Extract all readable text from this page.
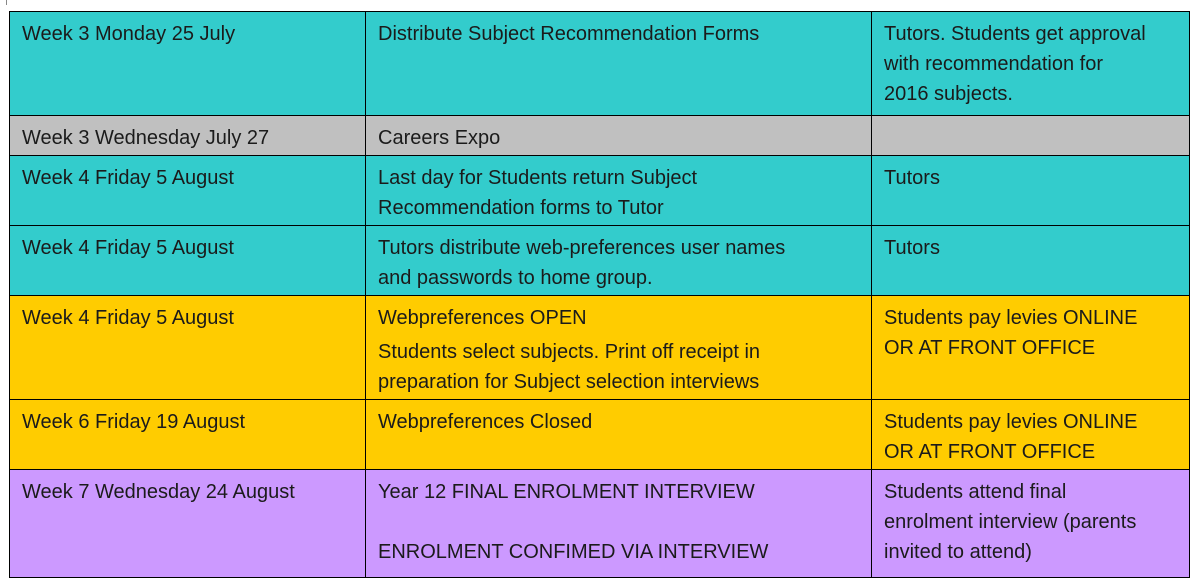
Week 3 Monday 25 July	Distribute Subject Recommendation Forms	Tutors. Students get approval
with recommendation for
2016 subjects.

Week 3 Wednesday July 27	Careers Expo	

Week 4 Friday 5 August	Last day for Students return Subject
Recommendation forms to Tutor	Tutors

Week 4 Friday 5 August	Tutors distribute web-preferences user names
and passwords to home group.	Tutors

Week 4 Friday 5 August	Webpreferences OPEN
Students select subjects. Print off receipt in
preparation for Subject selection interviews	Students pay levies ONLINE
OR AT FRONT OFFICE

Week 6 Friday 19 August	Webpreferences Closed	Students pay levies ONLINE
OR AT FRONT OFFICE

Week 7 Wednesday 24 August	Year 12 FINAL ENROLMENT INTERVIEW
ENROLMENT CONFIMED VIA INTERVIEW	Students attend final
enrolment interview (parents
invited to attend)
